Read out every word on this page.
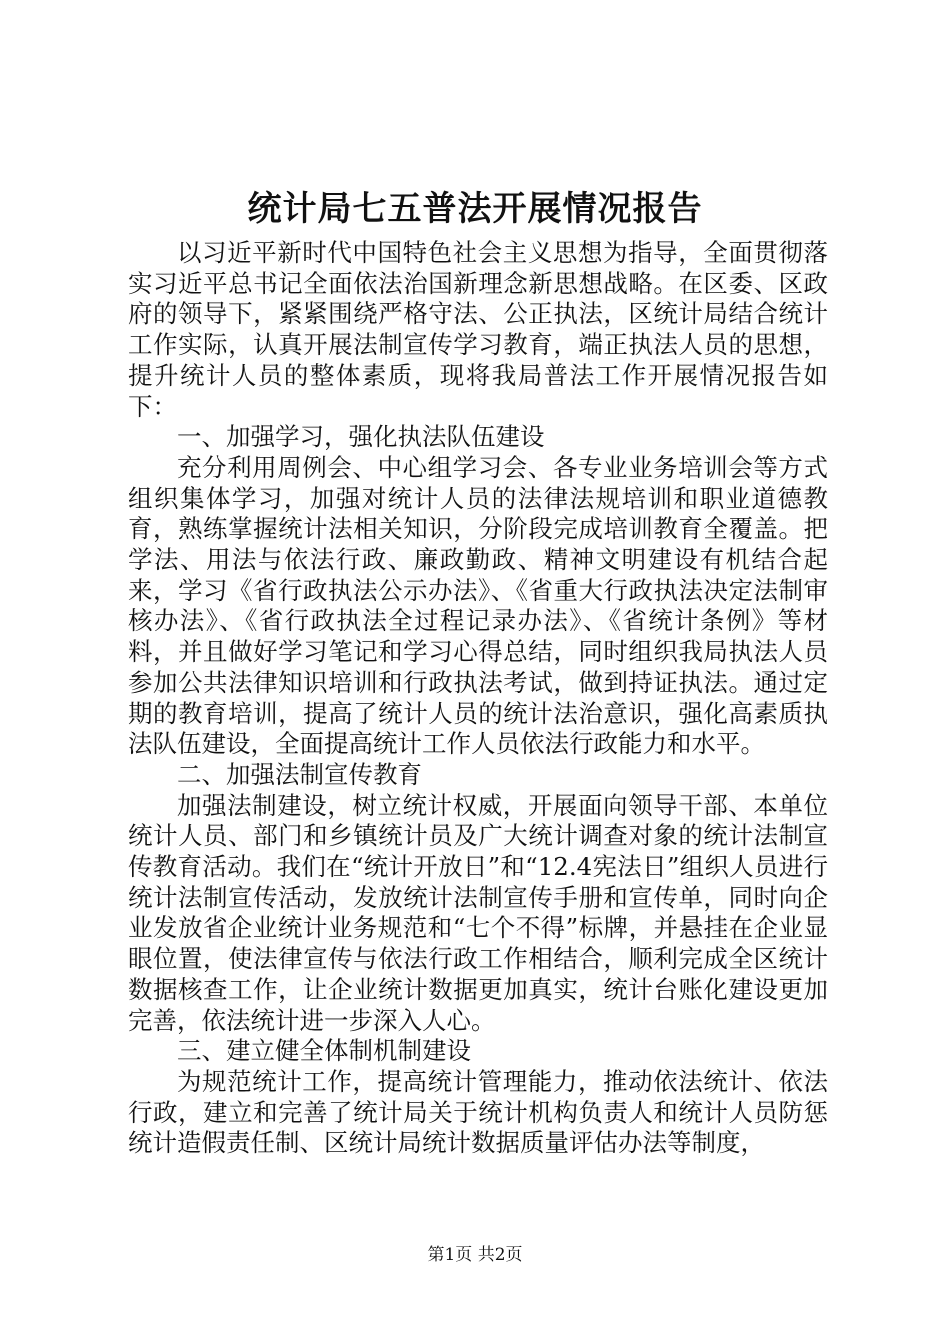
统计局七五普法开展情况报告

以习近平新时代中国特色社会主义思想为指导，全面贯彻落实习近平总书记全面依法治国新理念新思想战略。在区委、区政府的领导下，紧紧围绕严格守法、公正执法，区统计局结合统计工作实际，认真开展法制宣传学习教育，端正执法人员的思想，提升统计人员的整体素质，现将我局普法工作开展情况报告如下：

一、加强学习，强化执法队伍建设

充分利用周例会、中心组学习会、各专业业务培训会等方式组织集体学习，加强对统计人员的法律法规培训和职业道德教育，熟练掌握统计法相关知识，分阶段完成培训教育全覆盖。把学法、用法与依法行政、廉政勤政、精神文明建设有机结合起来，学习《省行政执法公示办法》、《省重大行政执法决定法制审核办法》、《省行政执法全过程记录办法》、《省统计条例》等材料，并且做好学习笔记和学习心得总结，同时组织我局执法人员参加公共法律知识培训和行政执法考试，做到持证执法。通过定期的教育培训，提高了统计人员的统计法治意识，强化高素质执法队伍建设，全面提高统计工作人员依法行政能力和水平。

二、加强法制宣传教育

加强法制建设，树立统计权威，开展面向领导干部、本单位统计人员、部门和乡镇统计员及广大统计调查对象的统计法制宣传教育活动。我们在“统计开放日”和“12.4宪法日”组织人员进行统计法制宣传活动，发放统计法制宣传手册和宣传单，同时向企业发放省企业统计业务规范和“七个不得”标牌，并悬挂在企业显眼位置，使法律宣传与依法行政工作相结合，顺利完成全区统计数据核查工作，让企业统计数据更加真实，统计台账化建设更加完善，依法统计进一步深入人心。

三、建立健全体制机制建设

为规范统计工作，提高统计管理能力，推动依法统计、依法行政，建立和完善了统计局关于统计机构负责人和统计人员防惩统计造假责任制、区统计局统计数据质量评估办法等制度，

第1页 共2页
